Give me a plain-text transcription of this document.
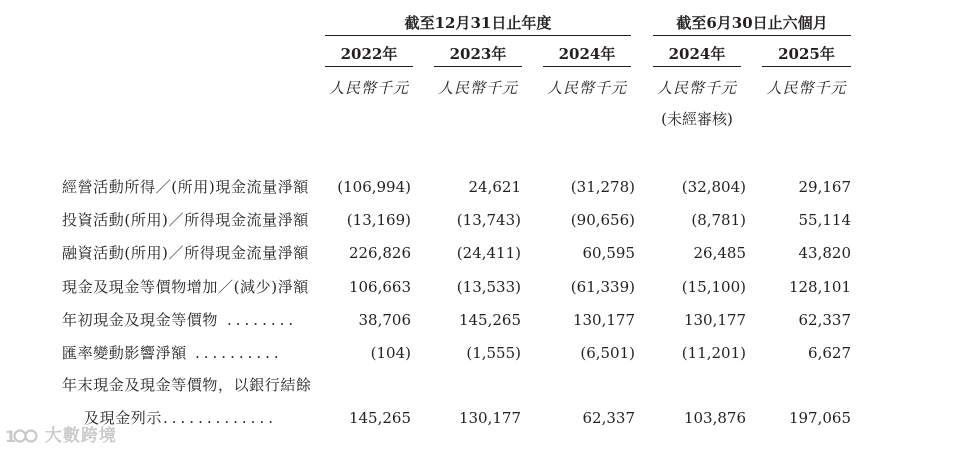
截至12月31日止年度	截至6月30日止六個月
2022年	2023年	2024年	2024年	2025年
人民幣千元	人民幣千元	人民幣千元	人民幣千元	人民幣千元
(未經審核)
經營活動所得／(所用)現金流量淨額	(106,994)	24,621	(31,278)	(32,804)	29,167
投資活動(所用)／所得現金流量淨額	(13,169)	(13,743)	(90,656)	(8,781)	55,114
融資活動(所用)／所得現金流量淨額	226,826	(24,411)	60,595	26,485	43,820
現金及現金等價物增加／(減少)淨額	106,663	(13,533)	(61,339)	(15,100)	128,101
年初現金及現金等價物 ........	38,706	145,265	130,177	130,177	62,337
匯率變動影響淨額 ..........	(104)	(1,555)	(6,501)	(11,201)	6,627
年末現金及現金等價物，以銀行結餘
及現金列示 .............	145,265	130,177	62,337	103,876	197,065
1 大數跨境
